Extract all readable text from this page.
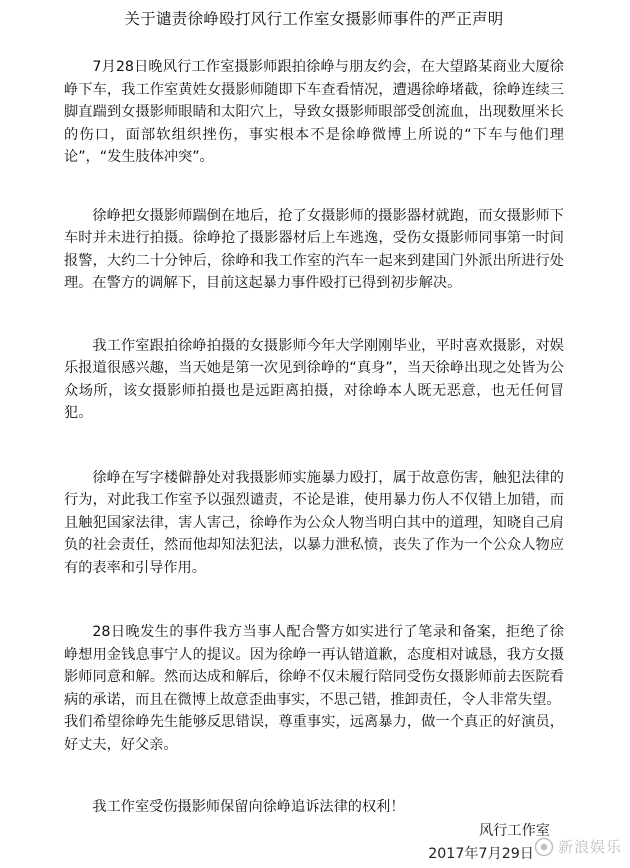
关于谴责徐峥殴打风行工作室女摄影师事件的严正声明

7月28日晚风行工作室摄影师跟拍徐峥与朋友约会，在大望路某商业大厦徐峥下车，我工作室黄姓女摄影师随即下车查看情况，遭遇徐峥堵截，徐峥连续三脚直踹到女摄影师眼睛和太阳穴上，导致女摄影师眼部受创流血，出现数厘米长的伤口，面部软组织挫伤，事实根本不是徐峥微博上所说的“下车与他们理论”，“发生肢体冲突”。

徐峥把女摄影师踹倒在地后，抢了女摄影师的摄影器材就跑，而女摄影师下车时并未进行拍摄。徐峥抢了摄影器材后上车逃逸，受伤女摄影师同事第一时间报警，大约二十分钟后，徐峥和我工作室的汽车一起来到建国门外派出所进行处理。在警方的调解下，目前这起暴力事件殴打已得到初步解决。

我工作室跟拍徐峥拍摄的女摄影师今年大学刚刚毕业，平时喜欢摄影，对娱乐报道很感兴趣，当天她是第一次见到徐峥的“真身”，当天徐峥出现之处皆为公众场所，该女摄影师拍摄也是远距离拍摄，对徐峥本人既无恶意，也无任何冒犯。

徐峥在写字楼僻静处对我摄影师实施暴力殴打，属于故意伤害，触犯法律的行为，对此我工作室予以强烈谴责，不论是谁，使用暴力伤人不仅错上加错，而且触犯国家法律，害人害己，徐峥作为公众人物当明白其中的道理，知晓自己肩负的社会责任，然而他却知法犯法，以暴力泄私愤，丧失了作为一个公众人物应有的表率和引导作用。

28日晚发生的事件我方当事人配合警方如实进行了笔录和备案，拒绝了徐峥想用金钱息事宁人的提议。因为徐峥一再认错道歉，态度相对诚恳，我方女摄影师同意和解。然而达成和解后，徐峥不仅未履行陪同受伤女摄影师前去医院看病的承诺，而且在微博上故意歪曲事实，不思己错，推卸责任，令人非常失望。

我们希望徐峥先生能够反思错误，尊重事实，远离暴力，做一个真正的好演员，好丈夫，好父亲。

我工作室受伤摄影师保留向徐峥追诉法律的权利！

风行工作室
2017年7月29日 新浪娱乐
